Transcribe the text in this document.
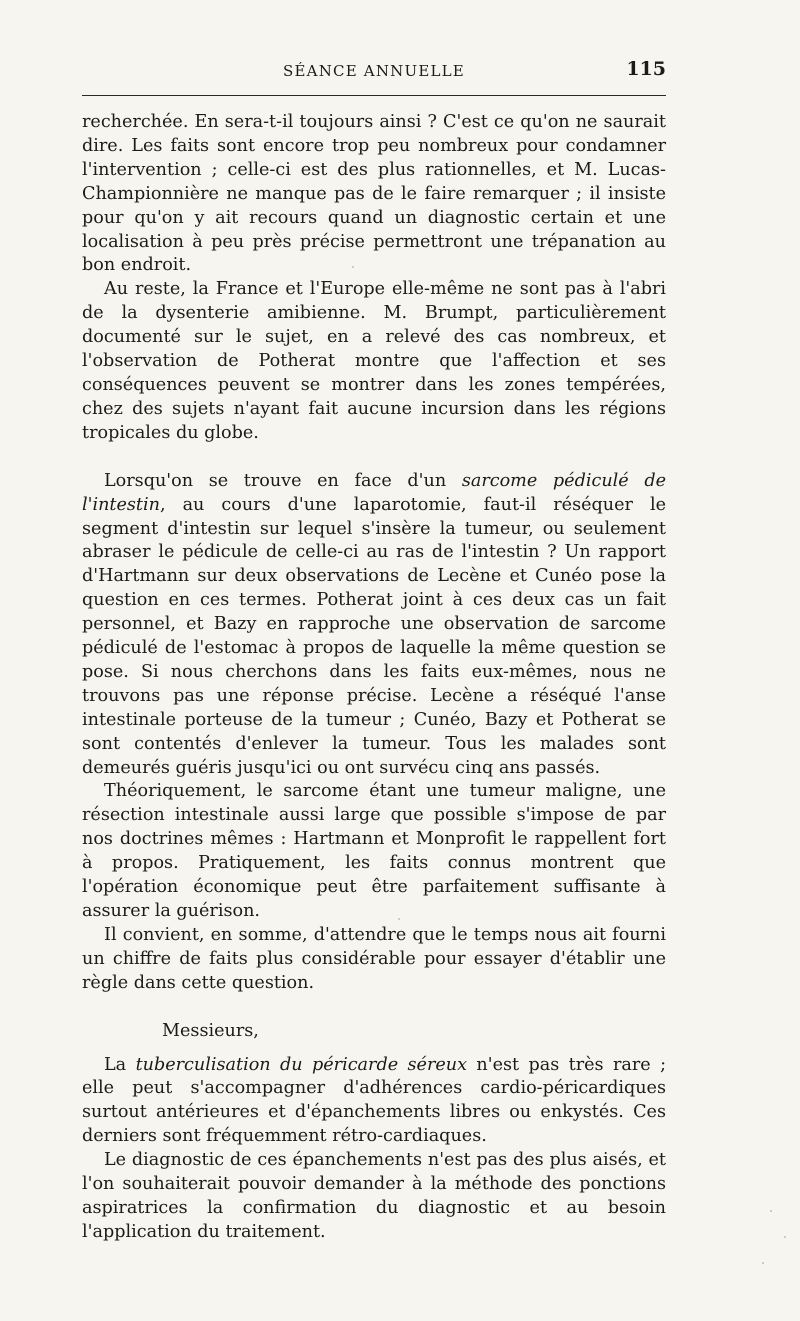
SÉANCE ANNUELLE	115

recherchée. En sera-t-il toujours ainsi ? C'est ce qu'on ne saurait dire. Les faits sont encore trop peu nombreux pour condamner l'intervention ; celle-ci est des plus rationnelles, et M. Lucas-Championnière ne manque pas de le faire remarquer ; il insiste pour qu'on y ait recours quand un diagnostic certain et une localisation à peu près précise permettront une trépanation au bon endroit.

Au reste, la France et l'Europe elle-même ne sont pas à l'abri de la dysenterie amibienne. M. Brumpt, particulièrement documenté sur le sujet, en a relevé des cas nombreux, et l'observation de Potherat montre que l'affection et ses conséquences peuvent se montrer dans les zones tempérées, chez des sujets n'ayant fait aucune incursion dans les régions tropicales du globe.

Lorsqu'on se trouve en face d'un sarcome pédiculé de l'intestin, au cours d'une laparotomie, faut-il réséquer le segment d'intestin sur lequel s'insère la tumeur, ou seulement abraser le pédicule de celle-ci au ras de l'intestin ? Un rapport d'Hartmann sur deux observations de Lecène et Cunéo pose la question en ces termes. Potherat joint à ces deux cas un fait personnel, et Bazy en rapproche une observation de sarcome pédiculé de l'estomac à propos de laquelle la même question se pose. Si nous cherchons dans les faits eux-mêmes, nous ne trouvons pas une réponse précise. Lecène a réséqué l'anse intestinale porteuse de la tumeur ; Cunéo, Bazy et Potherat se sont contentés d'enlever la tumeur. Tous les malades sont demeurés guéris jusqu'ici ou ont survécu cinq ans passés.

Théoriquement, le sarcome étant une tumeur maligne, une résection intestinale aussi large que possible s'impose de par nos doctrines mêmes : Hartmann et Monprofit le rappellent fort à propos. Pratiquement, les faits connus montrent que l'opération économique peut être parfaitement suffisante à assurer la guérison.

Il convient, en somme, d'attendre que le temps nous ait fourni un chiffre de faits plus considérable pour essayer d'établir une règle dans cette question.

Messieurs,

La tuberculisation du péricarde séreux n'est pas très rare ; elle peut s'accompagner d'adhérences cardio-péricardiques surtout antérieures et d'épanchements libres ou enkystés. Ces derniers sont fréquemment rétro-cardiaques.

Le diagnostic de ces épanchements n'est pas des plus aisés, et l'on souhaiterait pouvoir demander à la méthode des ponctions aspiratrices la confirmation du diagnostic et au besoin l'application du traitement.
